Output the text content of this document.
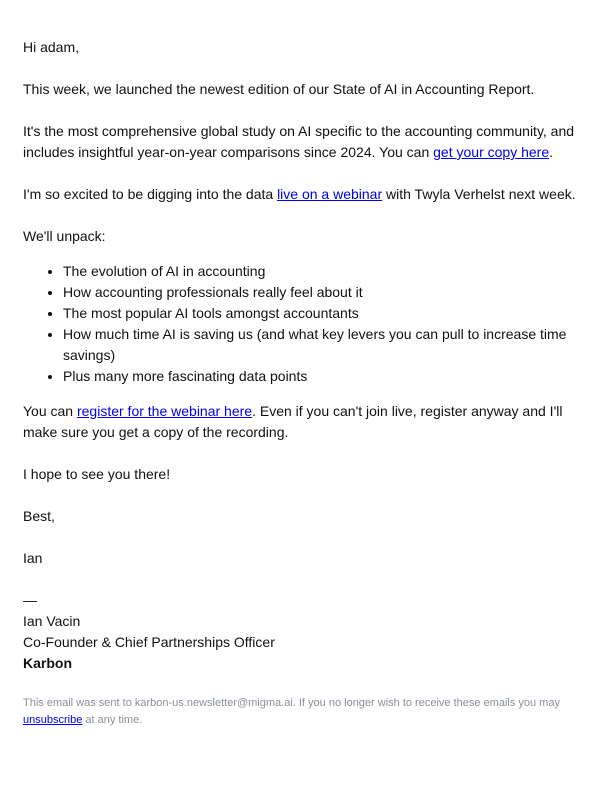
Hi adam,

This week, we launched the newest edition of our State of AI in Accounting Report.

It's the most comprehensive global study on AI specific to the accounting community, and includes insightful year-on-year comparisons since 2024. You can get your copy here.

I'm so excited to be digging into the data live on a webinar with Twyla Verhelst next week.

We'll unpack:

• The evolution of AI in accounting
• How accounting professionals really feel about it
• The most popular AI tools amongst accountants
• How much time AI is saving us (and what key levers you can pull to increase time savings)
• Plus many more fascinating data points

You can register for the webinar here. Even if you can't join live, register anyway and I'll make sure you get a copy of the recording.

I hope to see you there!

Best,

Ian

—

Ian Vacin

Co-Founder & Chief Partnerships Officer

Karbon

This email was sent to karbon-us.newsletter@migma.ai. If you no longer wish to receive these emails you may unsubscribe at any time.
